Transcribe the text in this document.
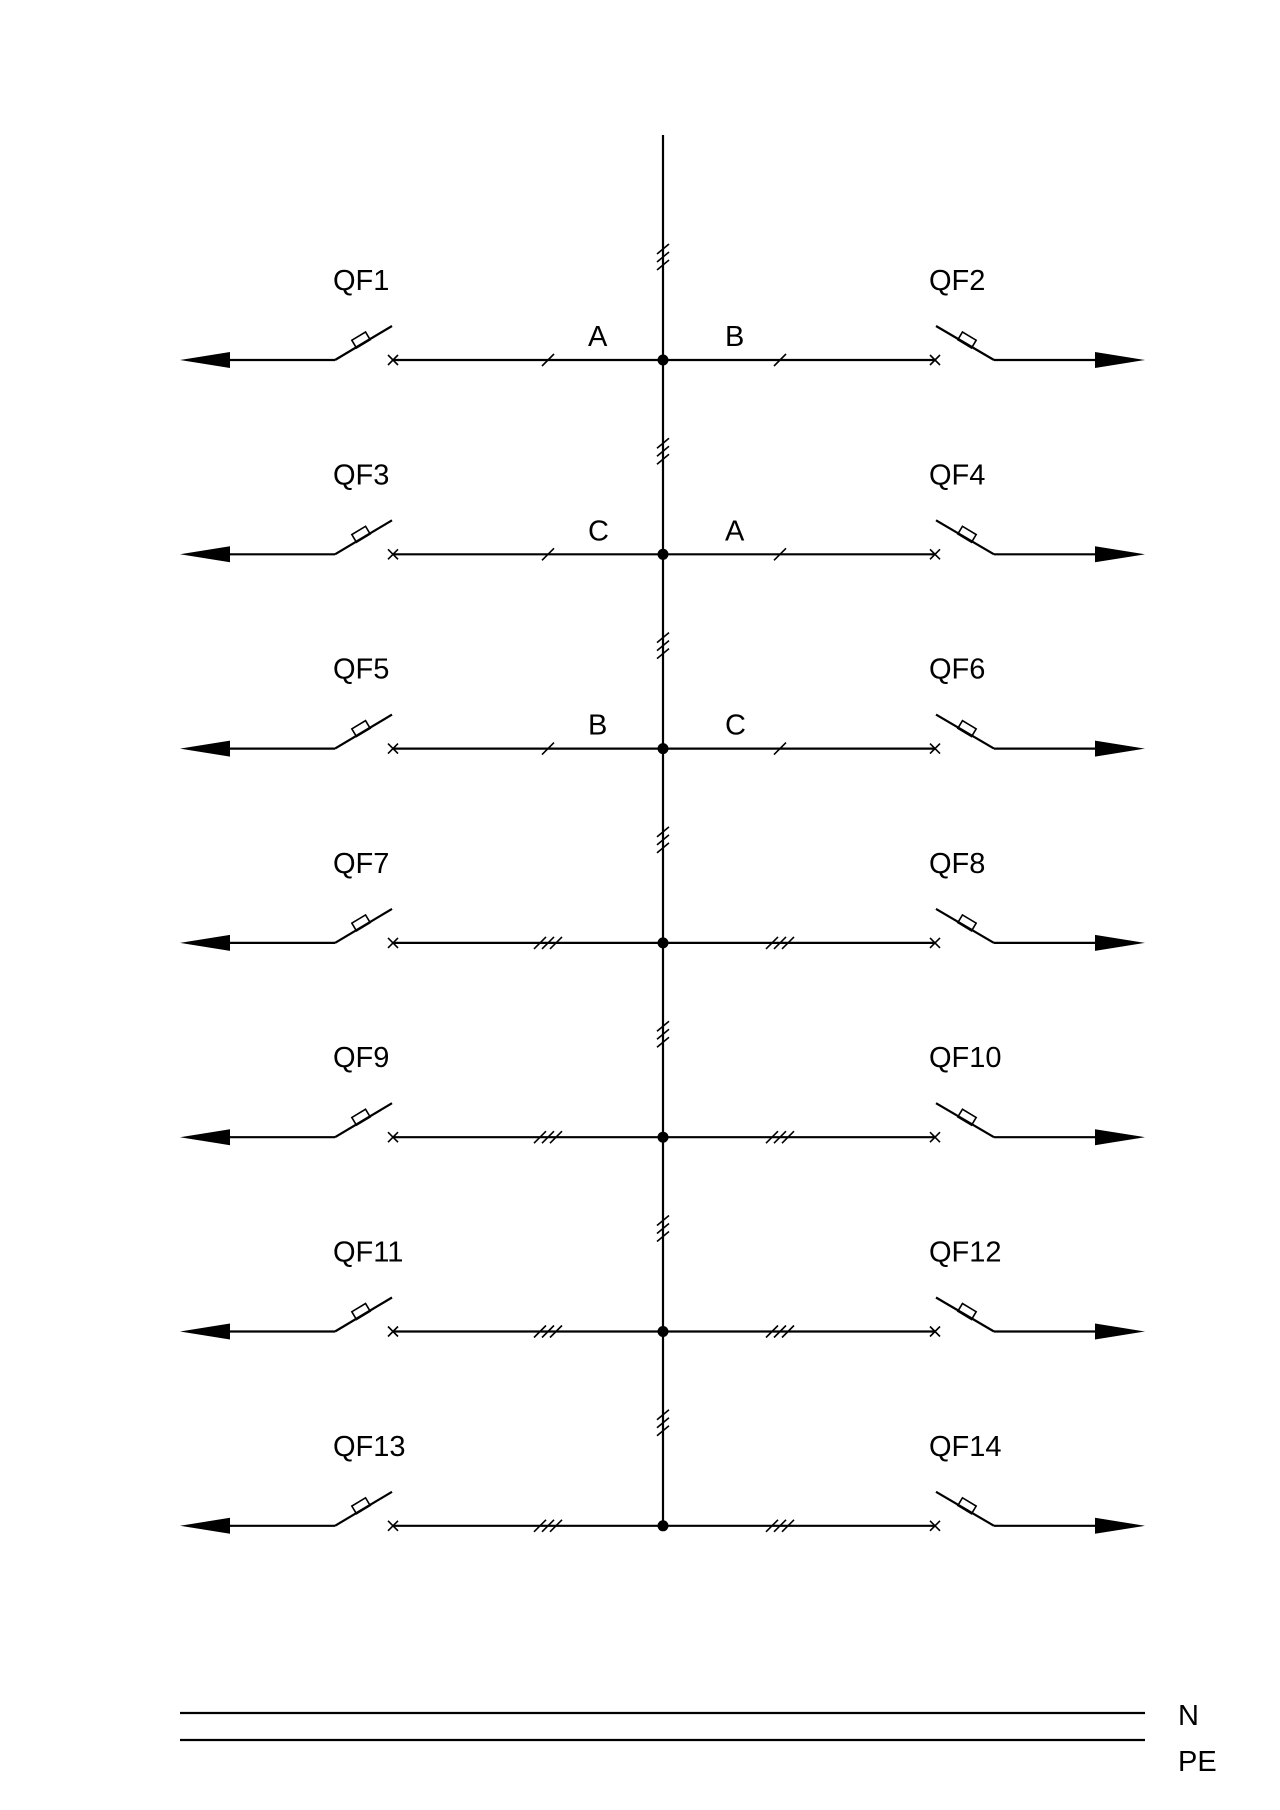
QF1
A
QF2
B
QF3
C
QF4
A
QF5
B
QF6
C
QF7	QF8
QF9	QF10
QF11	QF12
QF13	QF14
N
PE
